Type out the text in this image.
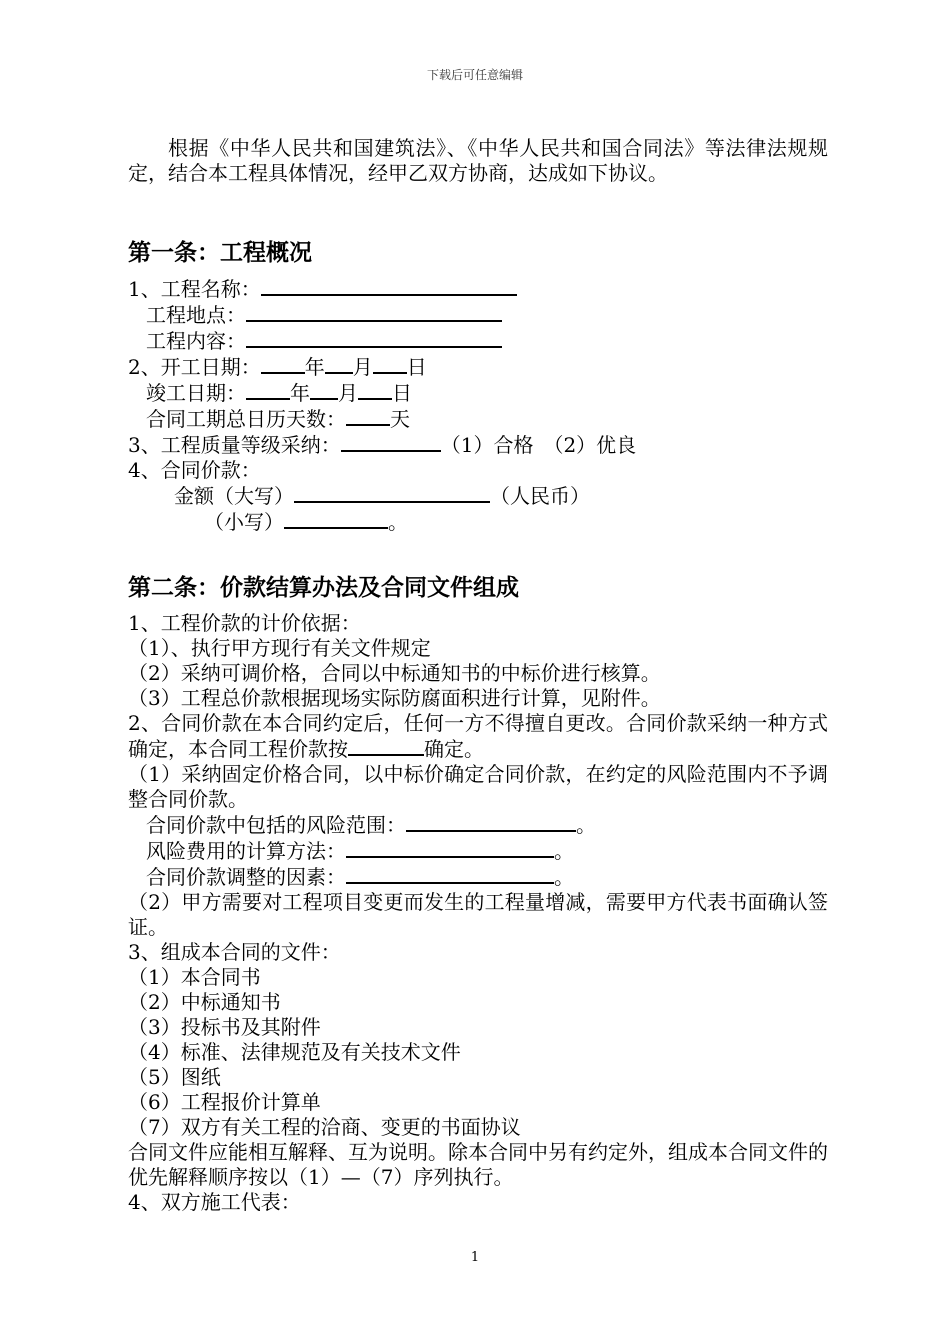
下载后可任意编辑

根据《中华人民共和国建筑法》、《中华人民共和国合同法》等法律法规规定，结合本工程具体情况，经甲乙双方协商，达成如下协议。

第一条：工程概况

1、工程名称：

工程地点：

工程内容：

2、开工日期： 年 月 日

竣工日期： 年 月 日

合同工期总日历天数： 天

3、工程质量等级采纳：	（1）合格　（2）优良

4、合同价款：

金额（大写）	（人民币）

（小写）	。

第二条：价款结算办法及合同文件组成

1、工程价款的计价依据：

（1）、执行甲方现行有关文件规定

（2）采纳可调价格，合同以中标通知书的中标价进行核算。

（3）工程总价款根据现场实际防腐面积进行计算，见附件。

2、合同价款在本合同约定后，任何一方不得擅自更改。合同价款采纳一种方式确定，本合同工程价款按	确定。

（1）采纳固定价格合同，以中标价确定合同价款，在约定的风险范围内不予调整合同价款。

合同价款中包括的风险范围：	。

风险费用的计算方法：	。

合同价款调整的因素：	。

（2）甲方需要对工程项目变更而发生的工程量增减，需要甲方代表书面确认签证。

3、组成本合同的文件：

（1）本合同书

（2）中标通知书

（3）投标书及其附件

（4）标准、法律规范及有关技术文件

（5）图纸

（6）工程报价计算单

（7）双方有关工程的洽商、变更的书面协议

合同文件应能相互解释、互为说明。除本合同中另有约定外，组成本合同文件的优先解释顺序按以（1）—（7）序列执行。

4、双方施工代表：

1
